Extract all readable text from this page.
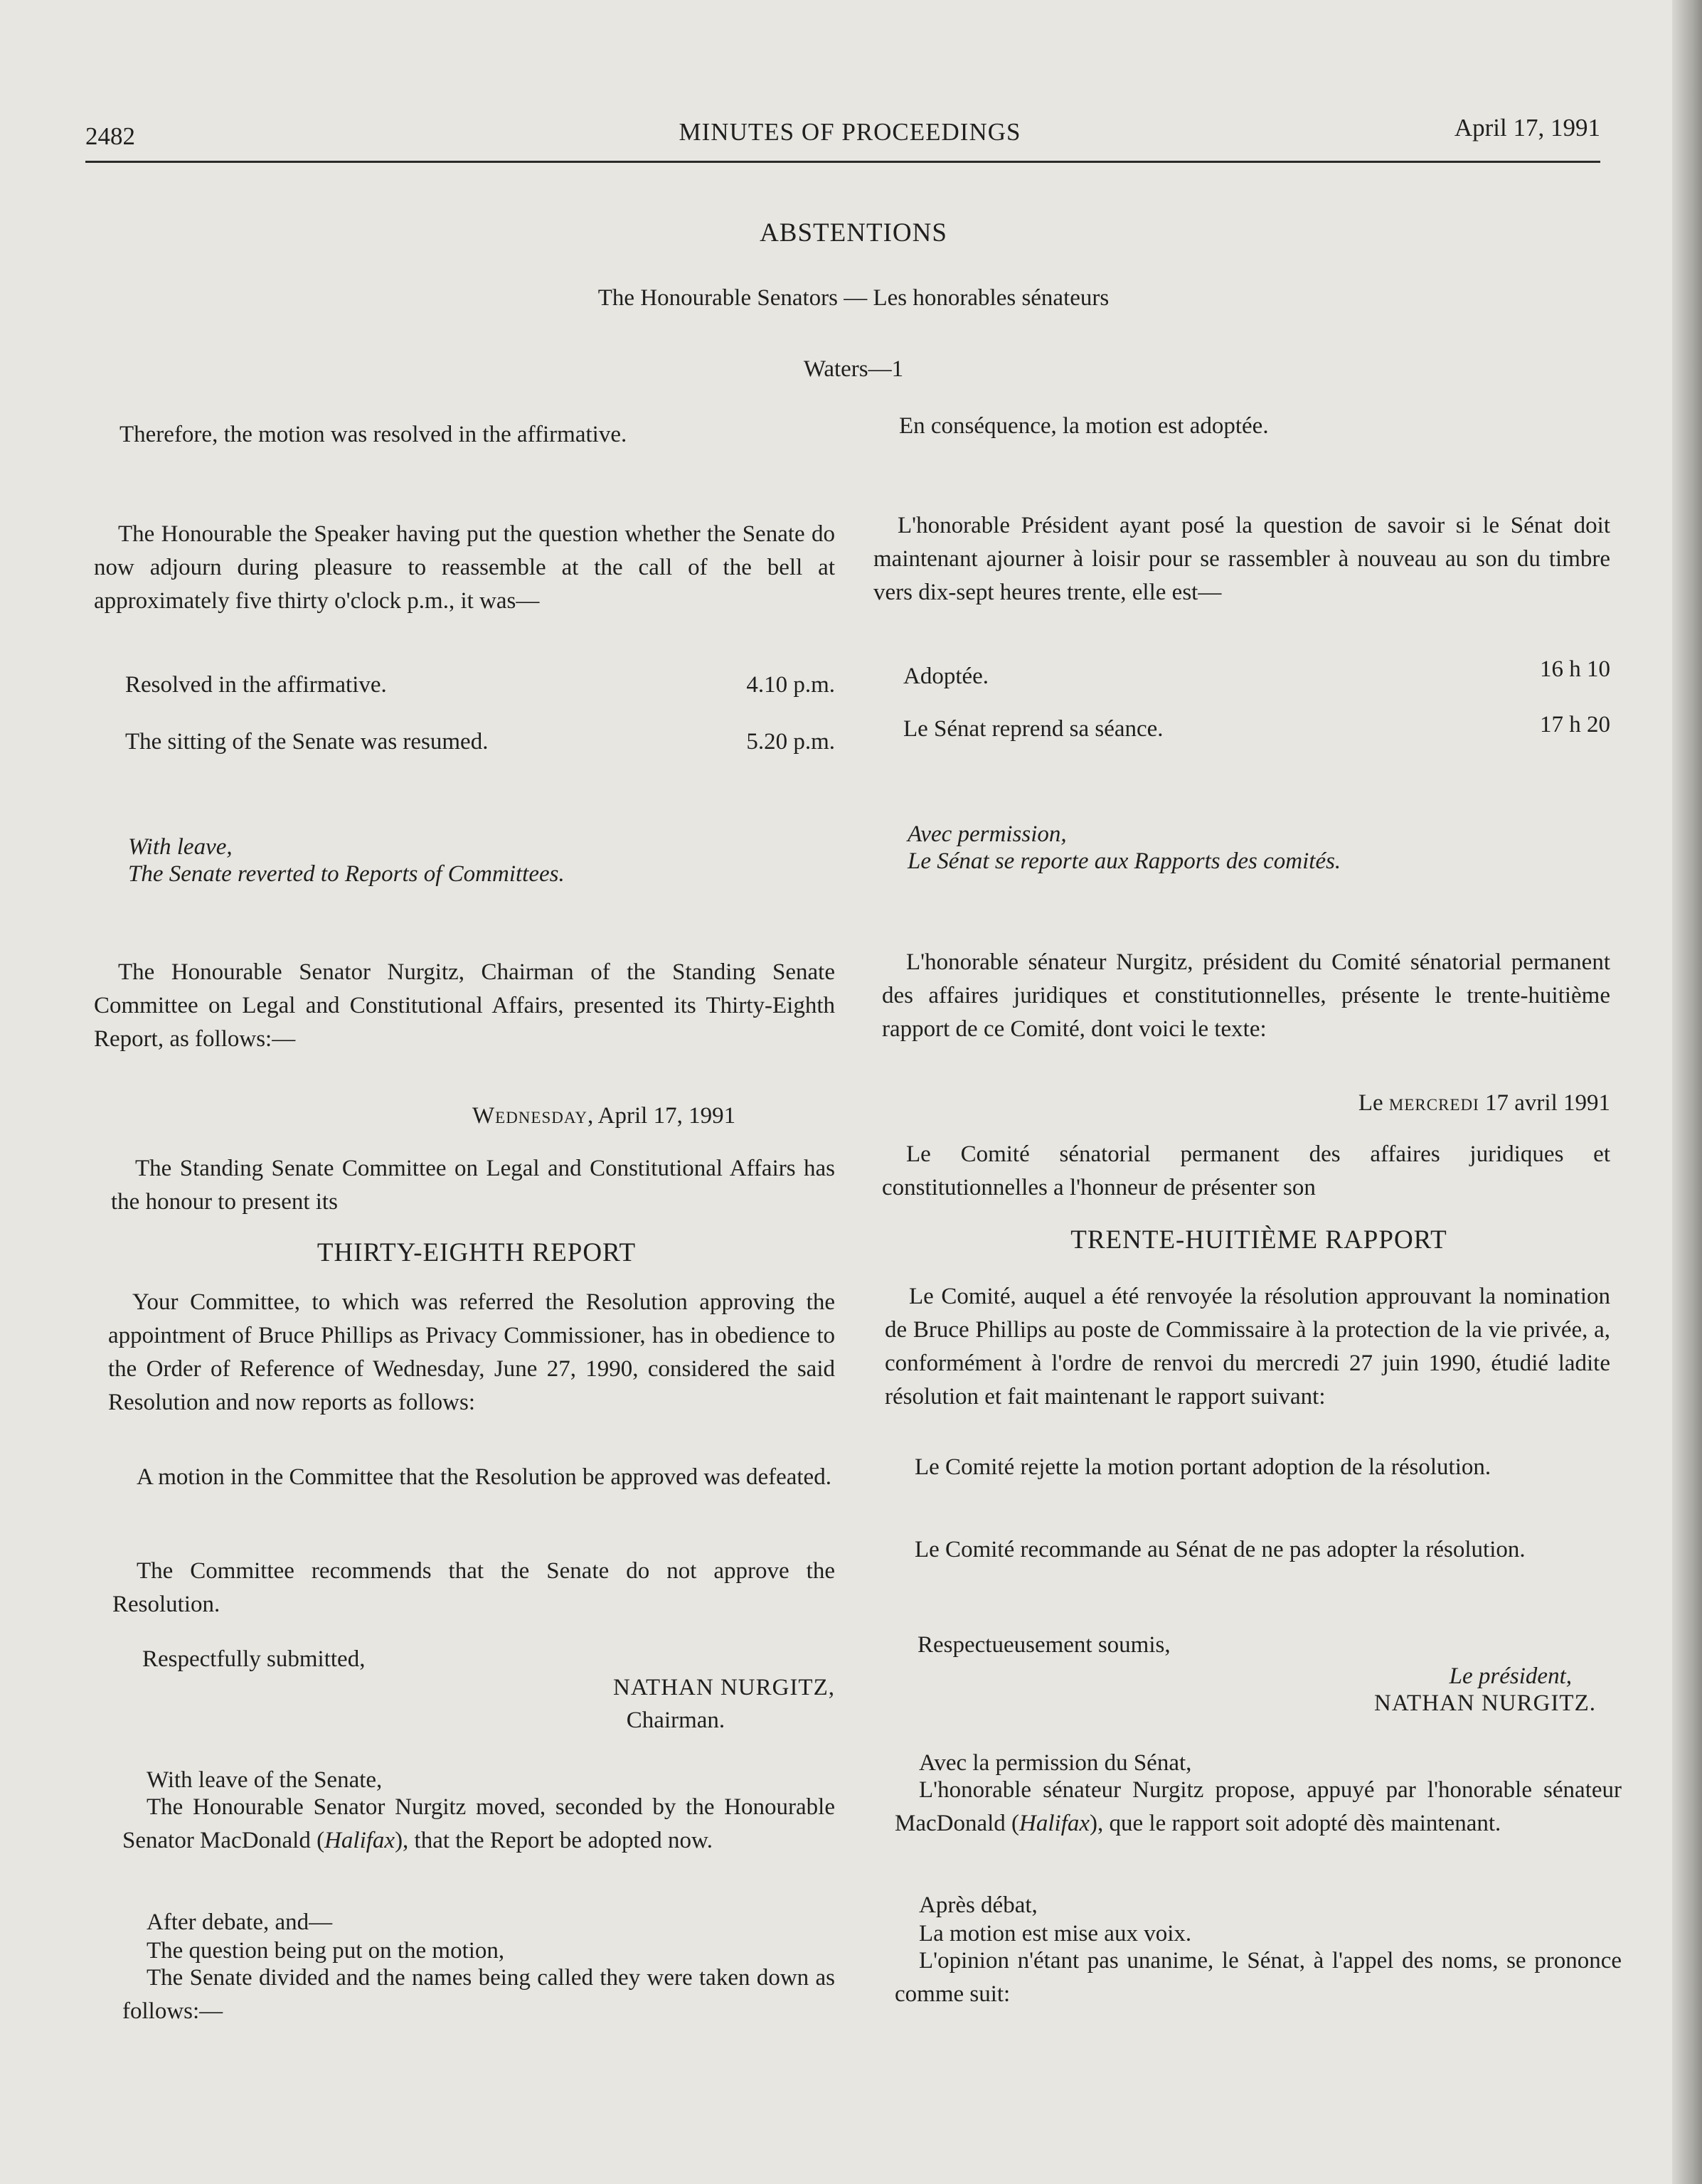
2482	MINUTES OF PROCEEDINGS	April 17, 1991
ABSTENTIONS
The Honourable Senators — Les honorables sénateurs
Waters—1
Therefore, the motion was resolved in the affirmative.
The Honourable the Speaker having put the question whether the Senate do now adjourn during pleasure to reassemble at the call of the bell at approximately five thirty o'clock p.m., it was—
Resolved in the affirmative.	4.10 p.m.
The sitting of the Senate was resumed.	5.20 p.m.
With leave,
The Senate reverted to Reports of Committees.
The Honourable Senator Nurgitz, Chairman of the Standing Senate Committee on Legal and Constitutional Affairs, presented its Thirty-Eighth Report, as follows:—
Wednesday, April 17, 1991
The Standing Senate Committee on Legal and Constitutional Affairs has the honour to present its
THIRTY-EIGHTH REPORT
Your Committee, to which was referred the Resolution approving the appointment of Bruce Phillips as Privacy Commissioner, has in obedience to the Order of Reference of Wednesday, June 27, 1990, considered the said Resolution and now reports as follows:
A motion in the Committee that the Resolution be approved was defeated.
The Committee recommends that the Senate do not approve the Resolution.
Respectfully submitted,
NATHAN NURGITZ,
Chairman.
With leave of the Senate,
The Honourable Senator Nurgitz moved, seconded by the Honourable Senator MacDonald (Halifax), that the Report be adopted now.
After debate, and—
The question being put on the motion,
The Senate divided and the names being called they were taken down as follows:—
En conséquence, la motion est adoptée.
L'honorable Président ayant posé la question de savoir si le Sénat doit maintenant ajourner à loisir pour se rassembler à nouveau au son du timbre vers dix-sept heures trente, elle est—
Adoptée.	16 h 10
Le Sénat reprend sa séance.	17 h 20
Avec permission,
Le Sénat se reporte aux Rapports des comités.
L'honorable sénateur Nurgitz, président du Comité sénatorial permanent des affaires juridiques et constitutionnelles, présente le trente-huitième rapport de ce Comité, dont voici le texte:
Le mercredi 17 avril 1991
Le Comité sénatorial permanent des affaires juridiques et constitutionnelles a l'honneur de présenter son
TRENTE-HUITIÈME RAPPORT
Le Comité, auquel a été renvoyée la résolution approuvant la nomination de Bruce Phillips au poste de Commissaire à la protection de la vie privée, a, conformément à l'ordre de renvoi du mercredi 27 juin 1990, étudié ladite résolution et fait maintenant le rapport suivant:
Le Comité rejette la motion portant adoption de la résolution.
Le Comité recommande au Sénat de ne pas adopter la résolution.
Respectueusement soumis,
Le président,
NATHAN NURGITZ.
Avec la permission du Sénat,
L'honorable sénateur Nurgitz propose, appuyé par l'honorable sénateur MacDonald (Halifax), que le rapport soit adopté dès maintenant.
Après débat,
La motion est mise aux voix.
L'opinion n'étant pas unanime, le Sénat, à l'appel des noms, se prononce comme suit:
